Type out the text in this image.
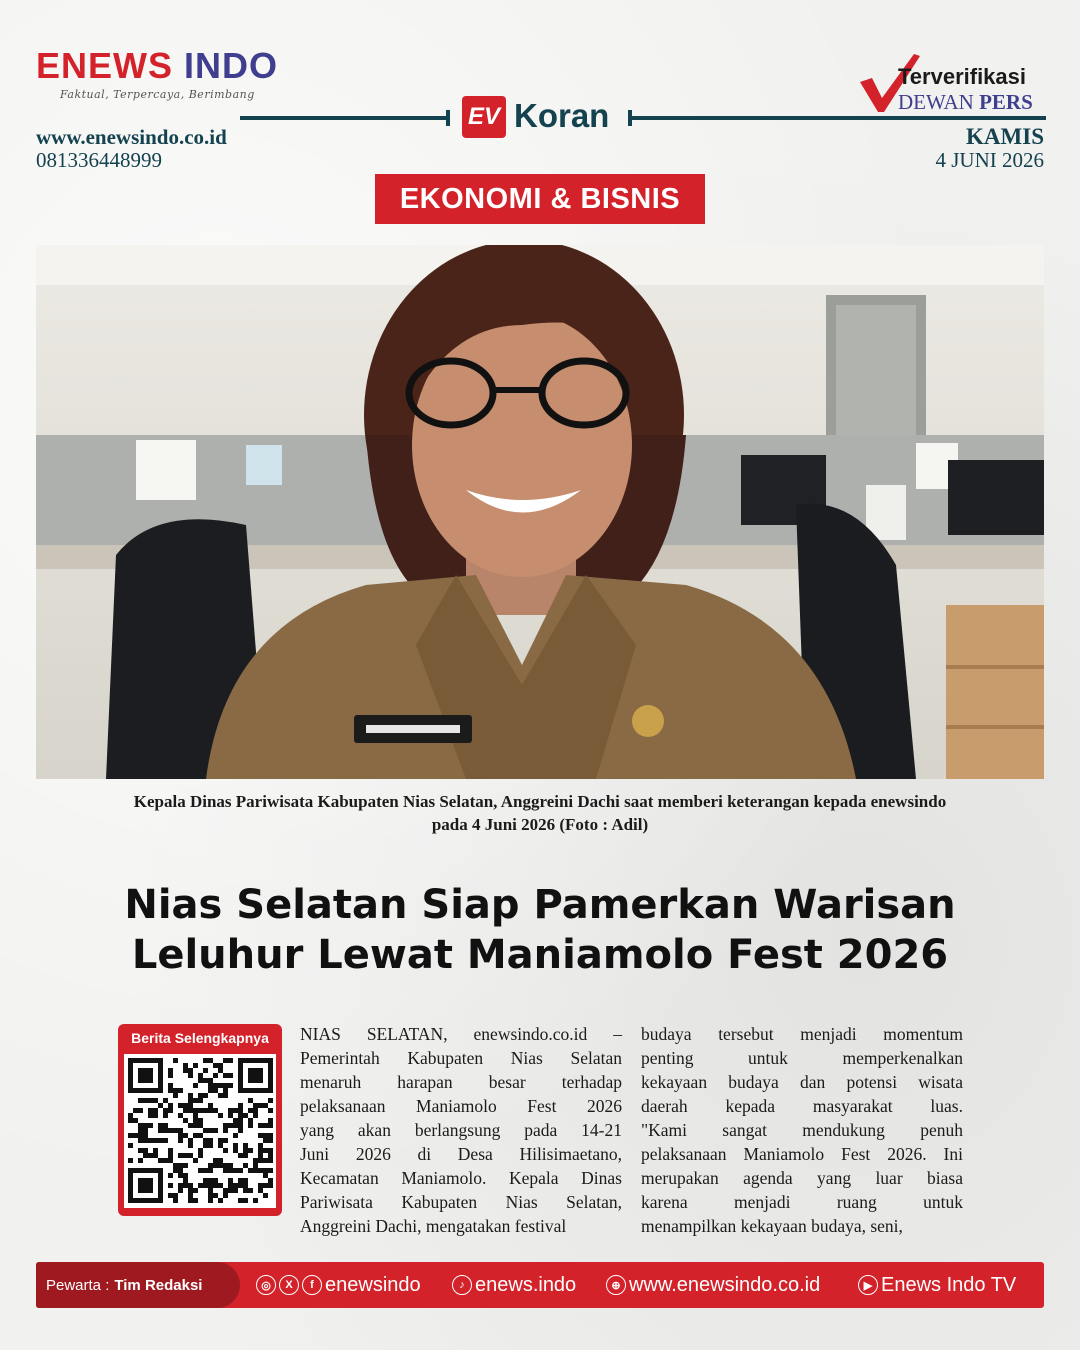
ENEWS INDO
Faktual, Terpercaya, Berimbang
www.enewsindo.co.id
081336448999
EV Koran
Terverifikasi
DEWAN PERS
KAMIS
4 JUNI 2026
EKONOMI & BISNIS
Kepala Dinas Pariwisata Kabupaten Nias Selatan, Anggreini Dachi saat memberi keterangan kepada enewsindo
pada 4 Juni 2026 (Foto : Adil)
Nias Selatan Siap Pamerkan Warisan
Leluhur Lewat Maniamolo Fest 2026
Berita Selengkapnya	NIAS SELATAN, enewsindo.co.id –
Pemerintah Kabupaten Nias Selatan
menaruh harapan besar terhadap
pelaksanaan Maniamolo Fest 2026
yang akan berlangsung pada 14-21
Juni 2026 di Desa Hilisimaetano,
Kecamatan Maniamolo. Kepala Dinas
Pariwisata Kabupaten Nias Selatan,
Anggreini Dachi, mengatakan festival
budaya tersebut menjadi momentum
penting untuk memperkenalkan
kekayaan budaya dan potensi wisata
daerah kepada masyarakat luas.
"Kami sangat mendukung penuh
pelaksanaan Maniamolo Fest 2026. Ini
merupakan agenda yang luar biasa
karena menjadi ruang untuk
menampilkan kekayaan budaya, seni,
Pewarta : Tim Redaksi	◎	X	f enewsindo	♪ enews.indo	⊕ www.enewsindo.co.id	▶ Enews Indo TV
